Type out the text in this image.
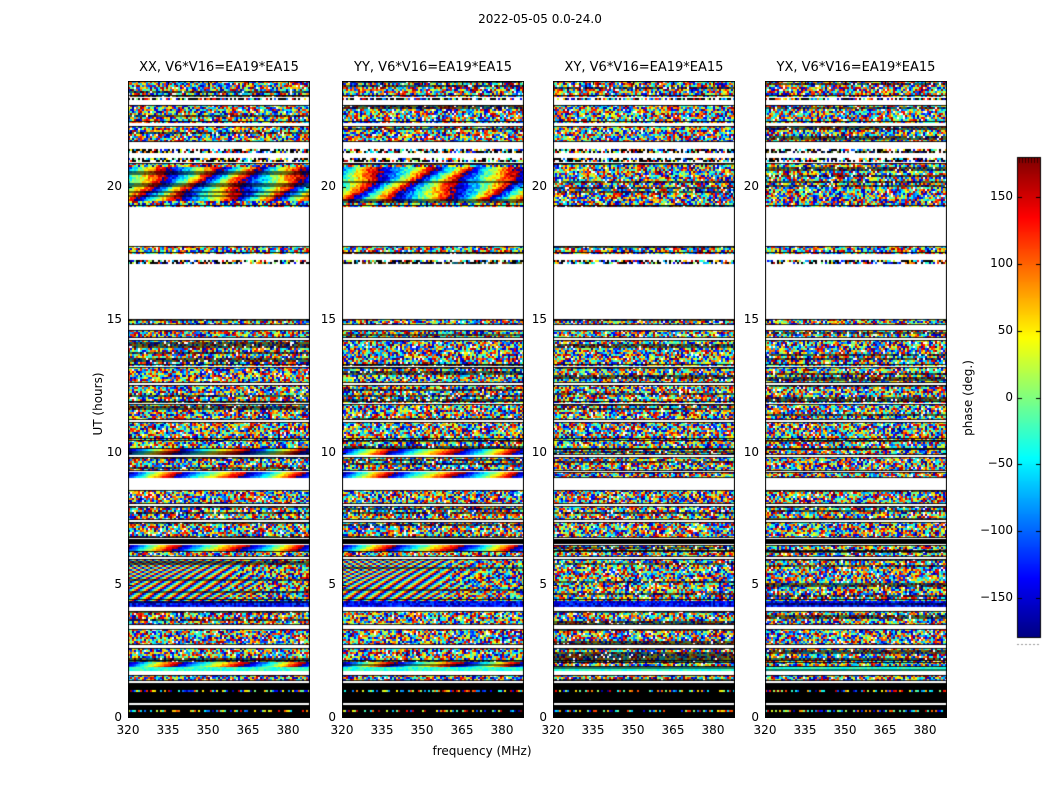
2022-05-05 0.0-24.0
XX, V6*V16=EA19*EA15	YY, V6*V16=EA19*EA15	XY, V6*V16=EA19*EA15	YX, V6*V16=EA19*EA15
UT (hours)
frequency (MHz)
phase (deg.)
0
5
10
15
20
320	335	350	365	380
0
5
10
15
20
320	335	350	365	380
0
5
10
15
20
320	335	350	365	380
0
5
10
15
20
320	335	350	365	380
150
100
50
0
−50
−100
−150
